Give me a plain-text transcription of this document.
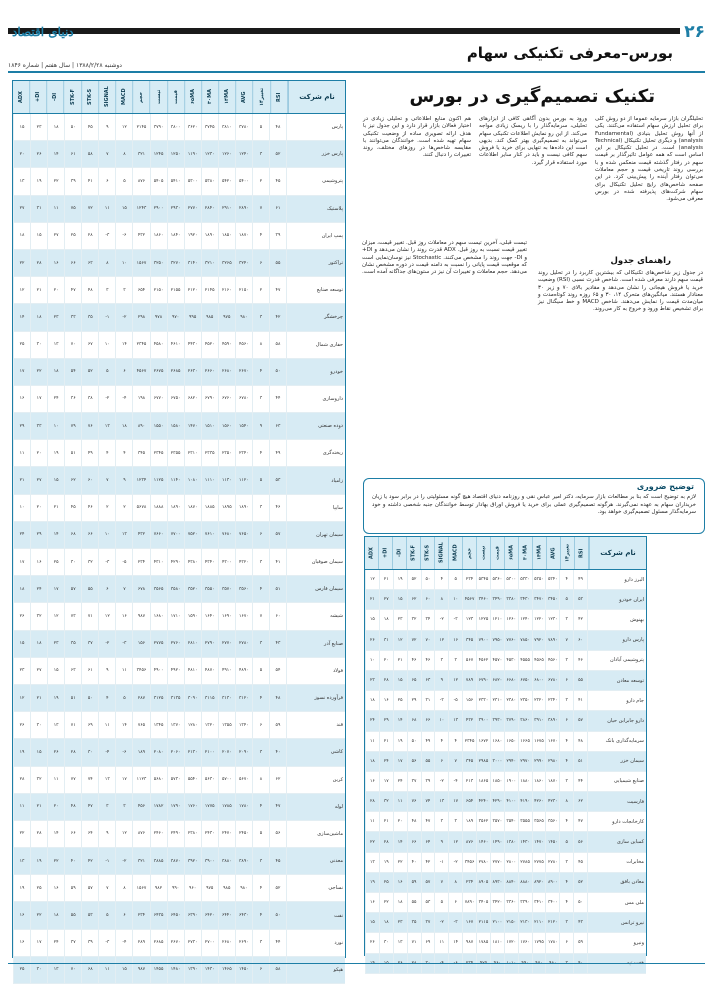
۲۶
دنیای اقتصاد
بورس–معرفی تکنیکی سهام
دوشنبه ۱۳۸۸/۲/۲۸ | سال هفتم | شماره ۱۸۴۶
نام شرکت
RSI
تغییر۱۴
AVG
۱۴MA
۳۰MA
۶۵MA
قیمت
تیست
حجم
MACD
SIGNAL
STK-S
STK-F
-DI
+DI
ADX
پارس
۴۸
۵
۳۷۸۰
۳۸۱۰
۳۷۴۵
۳۶۲۰
۳۸۰۰
۳۷۹۰
۲۱۴۵
۱۲
۹
۴۵
۵۰
۱۸
۲۳
۱۵
پارس خزر
۵۲
۳
۱۲۴۰
۱۲۶۰
۱۲۳۰
۱۱۹۰
۱۲۵۰
۱۲۴۵
۳۲۱
۸
۷
۵۸
۶۱
۱۴
۲۶
۲۰
پتروشیمی
۴۵
۲
۵۴۰۰
۵۴۲۰
۵۳۸۰
۵۳۰۰
۵۴۱۰
۵۴۰۵
۸۷۶
۵
۶
۴۱
۳۹
۲۲
۱۹
۱۳
پلاستیک
۶۱
۷
۲۸۹۰
۲۹۱۰
۲۸۴۰
۲۷۷۰
۲۹۳۰
۲۹۰۰
۱۲۴۳
۱۵
۱۱
۷۲
۷۵
۱۱
۳۱
۲۷
پمپ ایران
۳۹
۴
۱۸۷۰
۱۸۵۰
۱۸۹۰
۱۹۲۰
۱۸۴۰
۱۸۶۰
۴۳۲
-۶
-۳
۲۸
۲۵
۲۷
۱۵
۱۸
تراکتور
۵۵
۶
۳۲۴۰
۳۲۶۵
۳۲۱۰
۳۱۴۰
۳۲۷۰
۳۲۵۰
۱۵۶۷
۱۰
۸
۶۳
۶۶
۱۶
۲۸
۲۲
توسعه صنایع
۴۷
۲
۲۱۵۰
۲۱۶۰
۲۱۴۵
۲۱۲۰
۲۱۵۵
۲۱۵۰
۶۵۴
۳
۳
۴۸
۴۷
۲۰
۲۱
۱۲
چرخشگر
۴۲
۳
۹۸۰
۹۷۵
۹۸۵
۹۹۵
۹۷۰
۹۷۸
۲۹۸
-۲
-۱
۳۵
۳۳
۲۳
۱۸
۱۴
حفاری شمال
۵۸
۸
۴۵۶۰
۴۵۹۰
۴۵۲۰
۴۴۳۰
۴۶۱۰
۴۵۸۰
۲۳۴۵
۱۴
۱۰
۶۷
۷۰
۱۳
۳۰
۲۵
خودرو
۵۰
۴
۲۶۷۰
۲۶۸۰
۲۶۶۰
۲۶۳۰
۲۶۸۵
۲۶۷۵
۴۵۶۷
۶
۵
۵۲
۵۴
۱۸
۲۲
۱۷
داروسازی
۴۴
۳
۶۷۸۰
۶۷۶۰
۶۷۹۰
۶۸۲۰
۶۷۵۰
۶۷۷۰
۱۹۸
-۴
-۲
۳۸
۳۶
۲۴
۱۷
۱۶
دوده صنعتی
۶۳
۹
۱۵۴۰
۱۵۶۰
۱۵۱۰
۱۴۷۰
۱۵۸۰
۱۵۵۰
۸۹۰
۱۸
۱۳
۷۶
۷۹
۱۰
۳۳
۲۹
ریخته‌گری
۴۹
۴
۲۳۴۰
۲۳۵۰
۲۳۳۵
۲۳۱۰
۲۳۵۵
۲۳۴۵
۳۴۵
۴
۴
۴۹
۵۱
۱۹
۲۰
۱۱
زامیاد
۵۳
۵
۱۱۲۰
۱۱۳۰
۱۱۱۰
۱۰۸۰
۱۱۴۰
۱۱۲۵
۱۲۳۴
۹
۷
۶۰
۶۲
۱۵
۲۷
۲۱
سایپا
۴۶
۳
۱۸۹۰
۱۸۹۵
۱۸۸۵
۱۸۷۰
۱۸۹۰
۱۸۸۸
۵۶۷۸
۲
۲
۴۶
۴۵
۲۱
۲۰
۱۰
سیمان تهران
۵۷
۶
۷۶۵۰
۷۶۸۰
۷۶۱۰
۷۵۲۰
۷۷۰۰
۷۶۶۰
۴۳۲
۱۳
۱۰
۶۶
۶۸
۱۴
۲۹
۲۴
سیمان صوفیان
۴۱
۳
۴۳۲۰
۴۳۰۰
۴۳۴۰
۴۳۸۰
۴۲۹۰
۴۳۱۰
۲۳۴
-۵
-۳
۳۲
۳۰
۲۵
۱۶
۱۷
سیمان فارس
۵۱
۴
۳۵۶۰
۳۵۷۰
۳۵۵۰
۳۵۲۰
۳۵۸۰
۳۵۶۵
۶۷۸
۷
۶
۵۵
۵۷
۱۷
۲۴
۱۸
شیشه
۶۰
۷
۱۶۷۰
۱۶۹۰
۱۶۴۰
۱۵۹۰
۱۷۱۰
۱۶۸۰
۹۸۷
۱۶
۱۲
۷۱
۷۳
۱۲
۳۲
۲۶
صنایع آذر
۴۳
۳
۲۷۸۰
۲۷۷۰
۲۷۹۰
۲۸۱۰
۲۷۶۰
۲۷۷۵
۱۵۶
-۳
-۲
۳۷
۳۵
۲۳
۱۸
۱۵
فولاد
۵۴
۵
۴۸۹۰
۴۹۱۰
۴۸۷۰
۴۸۱۰
۴۹۲۰
۴۹۰۰
۳۴۵۶
۱۱
۹
۶۱
۶۳
۱۵
۲۷
۲۳
فرآورده نسوز
۴۸
۴
۳۱۲۰
۳۱۳۰
۳۱۱۵
۳۰۹۰
۳۱۳۵
۳۱۲۵
۲۸۷
۵
۴
۵۰
۵۱
۱۹
۲۱
۱۲
قند
۵۹
۶
۱۳۴۰
۱۳۵۵
۱۳۲۰
۱۲۸۰
۱۳۷۰
۱۳۴۵
۷۶۵
۱۴
۱۱
۶۹
۷۱
۱۳
۳۰
۲۶
کاشی
۴۰
۳
۲۰۹۰
۲۰۷۰
۲۱۰۰
۲۱۳۰
۲۰۶۰
۲۰۸۰
۱۸۹
-۶
-۴
۳۰
۲۸
۲۶
۱۵
۱۹
کربن
۶۲
۸
۵۶۷۰
۵۷۰۰
۵۶۳۰
۵۵۴۰
۵۷۳۰
۵۶۸۰
۱۱۲۳
۱۷
۱۳
۷۴
۷۷
۱۱
۳۲
۲۸
لوله
۴۷
۴
۱۷۸۰
۱۷۸۵
۱۷۷۵
۱۷۶۰
۱۷۹۰
۱۷۸۲
۴۵۶
۳
۳
۴۷
۴۸
۲۰
۲۱
۱۱
ماشین‌سازی
۵۶
۵
۲۴۵۰
۲۴۷۰
۲۴۳۰
۲۳۸۰
۲۴۹۰
۲۴۶۰
۸۷۶
۱۲
۹
۶۴
۶۶
۱۴
۲۸
۲۲
معدنی
۴۵
۳
۳۸۹۰
۳۸۸۰
۳۹۰۰
۳۹۲۰
۳۸۷۰
۳۸۸۵
۳۲۱
-۲
-۱
۴۲
۴۰
۲۲
۱۹
۱۳
نساجی
۵۲
۴
۹۸۰
۹۸۵
۹۷۵
۹۶۰
۹۹۰
۹۸۲
۱۵۶۷
۸
۷
۵۷
۵۹
۱۶
۲۵
۱۹
نفت
۵۰
۴
۶۴۳۰
۶۴۴۰
۶۴۲۰
۶۳۹۰
۶۴۵۰
۶۴۳۵
۲۳۴
۶
۵
۵۳
۵۵
۱۸
۲۲
۱۶
نورد
۴۴
۳
۲۶۹۰
۲۶۸۰
۲۷۰۰
۲۷۳۰
۲۶۷۰
۲۶۸۵
۲۸۹
-۴
-۳
۳۹
۳۷
۲۴
۱۷
۱۶
هپکو
۵۸
۶
۱۴۵۰
۱۴۶۵
۱۴۳۰
۱۳۹۰
۱۴۸۰
۱۴۵۵
۹۸۷
۱۵
۱۱
۶۸
۷۰
۱۳
۳۰
۲۵
تکنیک تصمیم‌گیری در بورس
تحلیلگران بازار سرمایه عموما از دو روش کلی برای تحلیل ارزش سهام استفاده می‌کنند. یکی از آنها روش تحلیل بنیادی (Fundamental analysis) و دیگری تحلیل تکنیکال (Technical analysis) است. در تحلیل تکنیکال بر این اساس است که همه عوامل تاثیرگذار بر قیمت سهم در رفتار گذشته قیمت منعکس شده و با بررسی روند تاریخی قیمت و حجم معاملات می‌توان رفتار آینده را پیش‌بینی کرد. در این صفحه شاخص‌های رایج تحلیل تکنیکال برای سهام شرکت‌های پذیرفته شده در بورس معرفی می‌شود.
ورود به بورس بدون آگاهی کافی از ابزارهای تحلیلی، سرمایه‌گذار را با ریسک زیادی مواجه می‌کند. از این رو نمایش اطلاعات تکنیکی سهام می‌تواند به تصمیم‌گیری بهتر کمک کند. بدیهی است این داده‌ها به تنهایی برای خرید یا فروش سهم کافی نیست و باید در کنار سایر اطلاعات مورد استفاده قرار گیرد.
هم اکنون منابع اطلاعاتی و تحلیلی زیادی در اختیار فعالان بازار قرار دارد و این جدول نیز با هدف ارائه تصویری ساده از وضعیت تکنیکی سهام تهیه شده است. خوانندگان می‌توانند با مقایسه شاخص‌ها در روزهای مختلف، روند تغییرات را دنبال کنند.
راهنمای جدول
در جدول زیر شاخص‌های تکنیکالی که بیشترین کاربرد را در تحلیل روند قیمت سهم دارند معرفی شده است. شاخص قدرت نسبی (RSI) وضعیت خرید یا فروش هیجانی را نشان می‌دهد و مقادیر بالای ۷۰ و زیر ۳۰ معنادار هستند. میانگین‌های متحرک ۱۴، ۳۰ و ۶۵ روزه روند کوتاه‌مدت و میان‌مدت قیمت را نمایش می‌دهند. شاخص MACD و خط سیگنال نیز برای تشخیص نقاط ورود و خروج به کار می‌روند.
تیست قبلی، آخرین تیست سهم در معاملات روز قبل. تغییر قیمت، میزان تغییر قیمت نسبت به روز قبل. ADX قدرت روند را نشان می‌دهد و DI+ و DI- جهت روند را مشخص می‌کنند. Stochastic نیز نوسان‌نمایی است که موقعیت قیمت پایانی را نسبت به دامنه قیمت در دوره مشخص نشان می‌دهد. حجم معاملات و تغییرات آن نیز در ستون‌های جداگانه آمده است.
توضیح ضروری
لازم به توضیح است که بنا بر مطالعات بازار سرمایه، دکتر امیر عباس نقی و روزنامه دنیای اقتصاد هیچ گونه مسئولیتی را در برابر سود یا زیان خریداران سهام به عهده نمی‌گیرند. هرگونه تصمیم‌گیری عملی برای خرید یا فروش اوراق بهادار توسط خوانندگان جنبه شخصی داشته و خود سرمایه‌گذار مسئول تصمیم‌گیری خواهد بود.
نام شرکت
RSI
تغییر۱۴
AVG
۱۴MA
۳۰MA
۶۵MA
قیمت
تیست
حجم
MACD
SIGNAL
STK-S
STK-F
-DI
+DI
ADX
البرز دارو
۴۹
۴
۵۳۴۰
۵۳۵۰
۵۳۳۰
۵۳۰۰
۵۳۶۰
۵۳۴۵
۲۳۴
۵
۴
۵۰
۵۲
۱۹
۲۱
۱۲
ایران خودرو
۵۳
۵
۳۴۵۰
۳۴۷۰
۳۴۳۰
۳۳۸۰
۳۴۹۰
۳۴۶۰
۴۵۶۷
۱۰
۸
۶۰
۶۲
۱۵
۲۷
۲۱
بهنوش
۴۲
۳
۱۲۳۰
۱۲۲۰
۱۲۴۰
۱۲۶۰
۱۲۱۰
۱۲۲۵
۱۲۳
-۳
-۲
۳۴
۳۲
۲۳
۱۸
۱۵
پارس دارو
۶۰
۷
۷۸۹۰
۷۹۲۰
۷۸۵۰
۷۷۶۰
۷۹۵۰
۷۹۰۰
۳۴۵
۱۶
۱۲
۷۰
۷۲
۱۲
۳۱
۲۶
پتروشیمی آبادان
۴۶
۳
۴۵۶۰
۴۵۶۵
۴۵۵۵
۴۵۳۰
۴۵۷۰
۴۵۶۲
۵۶۷
۳
۳
۴۶
۴۶
۲۱
۲۰
۱۰
توسعه معادن
۵۵
۶
۶۷۸۰
۶۸۰۰
۶۷۵۰
۶۶۸۰
۶۸۲۰
۶۷۹۰
۷۸۹
۱۲
۹
۶۳
۶۵
۱۵
۲۸
۲۳
جام دارو
۴۱
۳
۲۳۴۰
۲۳۲۰
۲۳۵۰
۲۳۸۰
۲۳۱۰
۲۳۳۰
۱۵۶
-۵
-۳
۳۱
۲۹
۲۵
۱۶
۱۸
دارو جابرابن حیان
۵۷
۶
۳۸۹۰
۳۹۱۰
۳۸۶۰
۳۷۹۰
۳۹۳۰
۳۹۰۰
۴۳۲
۱۳
۱۰
۶۶
۶۸
۱۴
۲۹
۲۴
سرمایه‌گذاری بانک
۴۸
۴
۱۶۷۰
۱۶۷۵
۱۶۶۵
۱۶۵۰
۱۶۸۰
۱۶۷۲
۲۳۴۵
۴
۴
۴۹
۵۰
۱۹
۲۱
۱۱
سیمان خزر
۵۱
۴
۲۹۸۰
۲۹۹۰
۲۹۷۰
۲۹۴۰
۳۰۰۰
۲۹۸۵
۳۴۵
۷
۶
۵۵
۵۶
۱۷
۲۴
۱۸
صنایع شیمیایی
۴۴
۳
۱۸۷۰
۱۸۶۰
۱۸۸۰
۱۹۰۰
۱۸۵۰
۱۸۶۵
۲۱۳
-۴
-۲
۳۹
۳۷
۲۴
۱۷
۱۶
فارسیت
۶۲
۸
۴۲۳۰
۴۲۶۰
۴۱۹۰
۴۱۰۰
۴۲۹۰
۴۲۴۰
۶۵۴
۱۷
۱۳
۷۴
۷۶
۱۱
۳۲
۲۸
کارخانجات دارو
۴۷
۴
۳۵۶۰
۳۵۶۵
۳۵۵۵
۳۵۴۰
۳۵۷۰
۳۵۶۲
۱۸۹
۳
۳
۴۷
۴۸
۲۰
۲۱
۱۱
کمباین سازی
۵۶
۵
۱۴۵۰
۱۴۷۰
۱۴۳۰
۱۳۸۰
۱۴۹۰
۱۴۶۰
۸۷۶
۱۲
۹
۶۴
۶۶
۱۴
۲۸
۲۲
مخابرات
۴۵
۳
۲۷۸۰
۲۷۷۵
۲۷۸۵
۲۸۰۰
۲۷۷۰
۲۷۸۰
۳۴۵۶
-۲
-۱
۴۲
۴۰
۲۲
۱۹
۱۳
معادن بافق
۵۲
۴
۸۹۰۰
۸۹۲۰
۸۸۸۰
۸۸۴۰
۸۹۳۰
۸۹۰۵
۲۳۴
۸
۷
۵۷
۵۹
۱۶
۲۵
۱۹
ملی مس
۵۰
۴
۳۴۰۰
۳۴۱۰
۳۳۹۰
۳۳۶۰
۳۴۲۰
۳۴۰۵
۷۸۹۰
۶
۵
۵۳
۵۵
۱۸
۲۲
۱۶
نیرو ترانس
۴۳
۳
۲۱۲۰
۲۱۱۰
۲۱۳۰
۲۱۵۰
۲۱۰۰
۲۱۱۵
۱۶۷
-۳
-۲
۳۷
۳۵
۲۳
۱۸
۱۵
ونیرو
۵۹
۶
۱۷۸۰
۱۷۹۵
۱۷۶۰
۱۷۲۰
۱۸۱۰
۱۷۸۵
۹۸۷
۱۴
۱۱
۶۹
۷۱
۱۳
۳۰
۲۶
